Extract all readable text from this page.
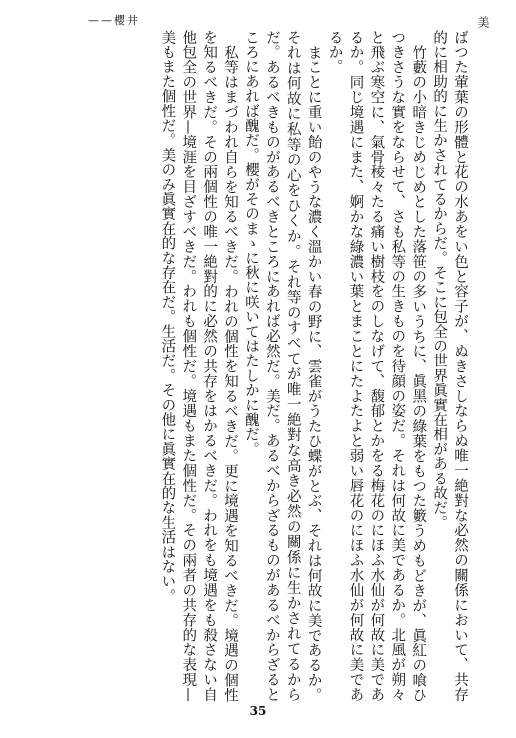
美
——櫻井

ばつた葷葉の形體と花の水あをい色と容子が、ぬきさしならぬ唯一絶對な必然の關係において、共存的に相助的に生かされてるからだ。そこに包全の世界眞實在相がある故だ。

竹藪の小暗きじめじめとした落笹の多いうちに、眞黑の綠葉をもつた籔うめもどきが、眞紅の喰ひつきさうな實をならせて、さも私等の生きものを待顔の姿だ。それは何故に美であるか。北風が朔々と飛ぶ寒空に、氣骨稜々たる痛い樹枝をのしなげて、馥郁とかをる梅花のにほふ水仙が何故に美であるか。同じ境遇にまた、婀かな綠濃い葉とまことにたよたよと弱い唇花のにほふ水仙が何故に美であるか。

まことに重い飴のやうな濃く溫かい春の野に、雲雀がうたひ蝶がとぶ、それは何故に美であるか。それは何故に私等の心をひくか。それ等のすべてが唯一絶對な高き必然の關係に生かされてるからだ。あるべきものがあるべきところにあれば必然だ。美だ。あるべからざるものがあるべからざるところにあれば醜だ。櫻がそのまゝに秋に咲いてはたしかに醜だ。

私等はまづわれ自らを知るべきだ。われの個性を知るべきだ。更に境遇を知るべきだ。境遇の個性を知るべきだ。その兩個性の唯一絶對的に必然の共存をはかるべきだ。われをも境遇をも殺さない自他包全の世界—境涯を目ざすべきだ。われも個性だ。境遇もまた個性だ。その兩者の共存的な表現—美もまた個性だ。美のみ眞實在的な存在だ。生活だ。その他に眞實在的な生活はない。

35
